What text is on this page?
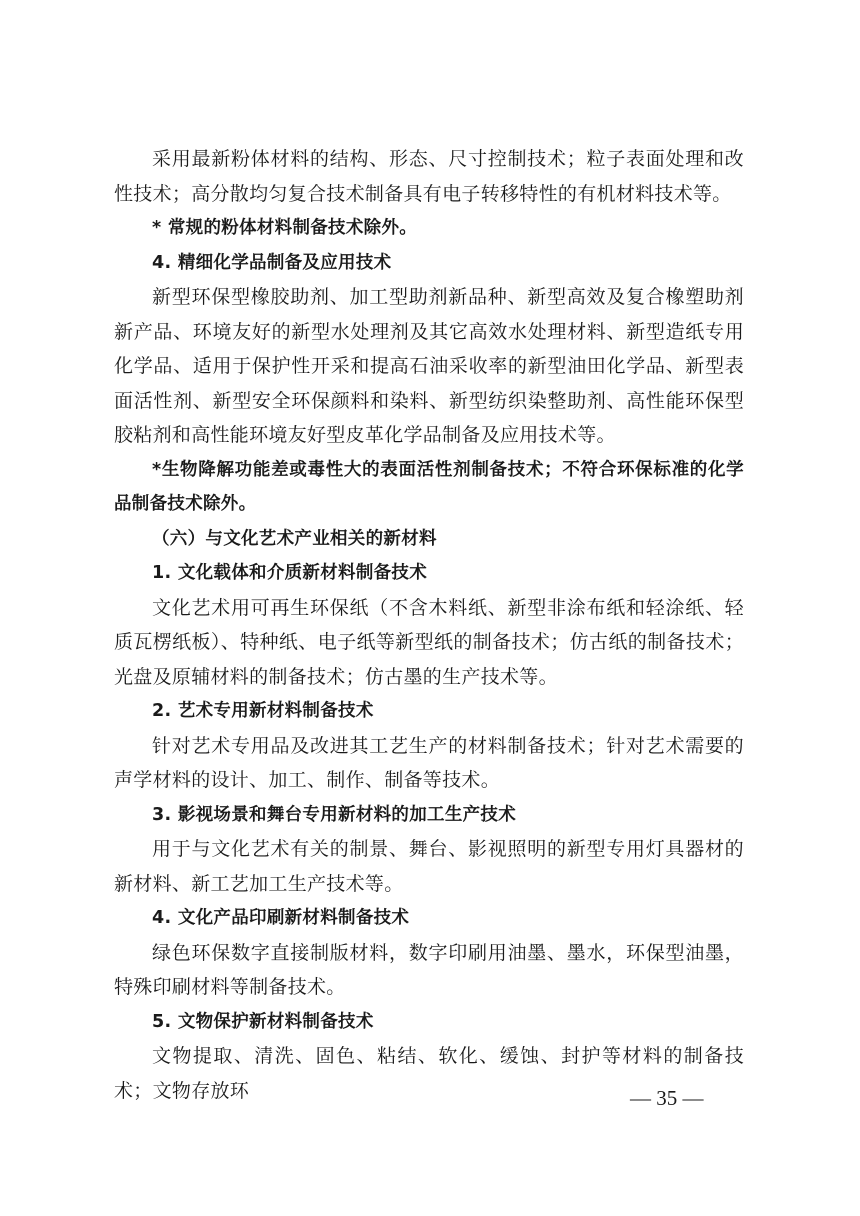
采用最新粉体材料的结构、形态、尺寸控制技术；粒子表面处理和改性技术；高分散均匀复合技术制备具有电子转移特性的有机材料技术等。

* 常规的粉体材料制备技术除外。

4. 精细化学品制备及应用技术

新型环保型橡胶助剂、加工型助剂新品种、新型高效及复合橡塑助剂新产品、环境友好的新型水处理剂及其它高效水处理材料、新型造纸专用化学品、适用于保护性开采和提高石油采收率的新型油田化学品、新型表面活性剂、新型安全环保颜料和染料、新型纺织染整助剂、高性能环保型胶粘剂和高性能环境友好型皮革化学品制备及应用技术等。

*生物降解功能差或毒性大的表面活性剂制备技术；不符合环保标准的化学品制备技术除外。

（六）与文化艺术产业相关的新材料

1. 文化载体和介质新材料制备技术

文化艺术用可再生环保纸（不含木料纸、新型非涂布纸和轻涂纸、轻质瓦楞纸板）、特种纸、电子纸等新型纸的制备技术；仿古纸的制备技术；光盘及原辅材料的制备技术；仿古墨的生产技术等。

2. 艺术专用新材料制备技术

针对艺术专用品及改进其工艺生产的材料制备技术；针对艺术需要的声学材料的设计、加工、制作、制备等技术。

3. 影视场景和舞台专用新材料的加工生产技术

用于与文化艺术有关的制景、舞台、影视照明的新型专用灯具器材的新材料、新工艺加工生产技术等。

4. 文化产品印刷新材料制备技术

绿色环保数字直接制版材料，数字印刷用油墨、墨水，环保型油墨，特殊印刷材料等制备技术。

5. 文物保护新材料制备技术

文物提取、清洗、固色、粘结、软化、缓蚀、封护等材料的制备技术；文物存放环	— 35 —
